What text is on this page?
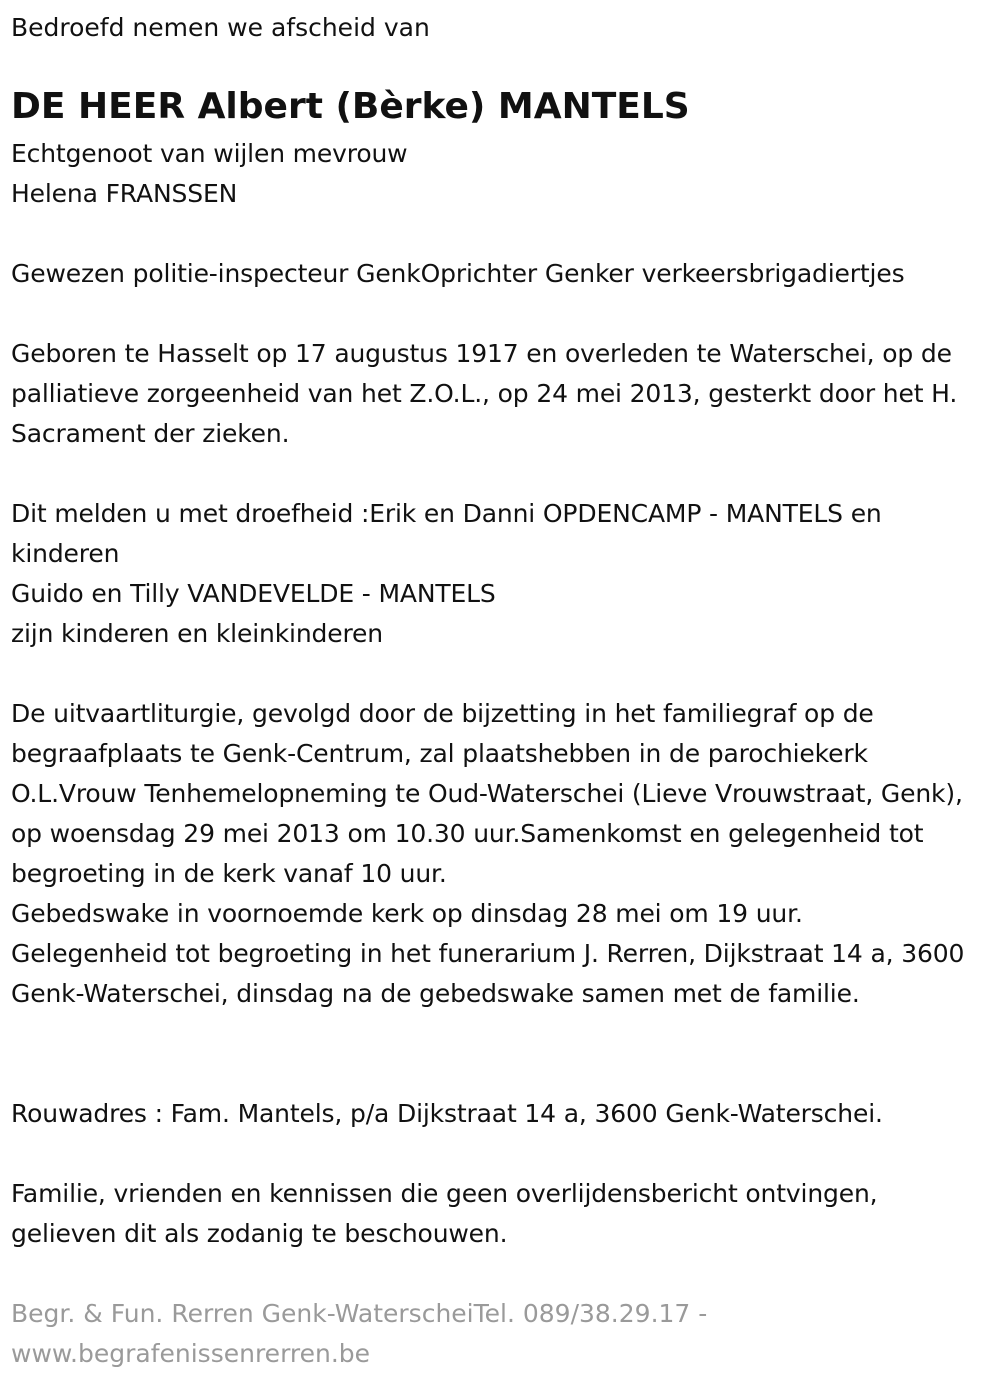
Bedroefd nemen we afscheid van
DE HEER Albert (Bèrke) MANTELS
Echtgenoot van wijlen mevrouw
Helena FRANSSEN
Gewezen politie-inspecteur GenkOprichter Genker verkeersbrigadiertjes
Geboren te Hasselt op 17 augustus 1917 en overleden te Waterschei, op de palliatieve zorgeenheid van het Z.O.L., op 24 mei 2013, gesterkt door het H. Sacrament der zieken.
Dit melden u met droefheid :Erik en Danni OPDENCAMP - MANTELS en kinderen
Guido en Tilly VANDEVELDE - MANTELS
zijn kinderen en kleinkinderen
De uitvaartliturgie, gevolgd door de bijzetting in het familiegraf op de begraafplaats te Genk-Centrum, zal plaatshebben in de parochiekerk O.L.Vrouw Tenhemelopneming te Oud-Waterschei (Lieve Vrouwstraat, Genk), op woensdag 29 mei 2013 om 10.30 uur.Samenkomst en gelegenheid tot begroeting in de kerk vanaf 10 uur.
Gebedswake in voornoemde kerk op dinsdag 28 mei om 19 uur.
Gelegenheid tot begroeting in het funerarium J. Rerren, Dijkstraat 14 a, 3600 Genk-Waterschei, dinsdag na de gebedswake samen met de familie.
Rouwadres : Fam. Mantels, p/a Dijkstraat 14 a, 3600 Genk-Waterschei.
Familie, vrienden en kennissen die geen overlijdensbericht ontvingen, gelieven dit als zodanig te beschouwen.
Begr. & Fun. Rerren Genk-WaterscheiTel. 089/38.29.17 - www.begrafenissenrerren.be
